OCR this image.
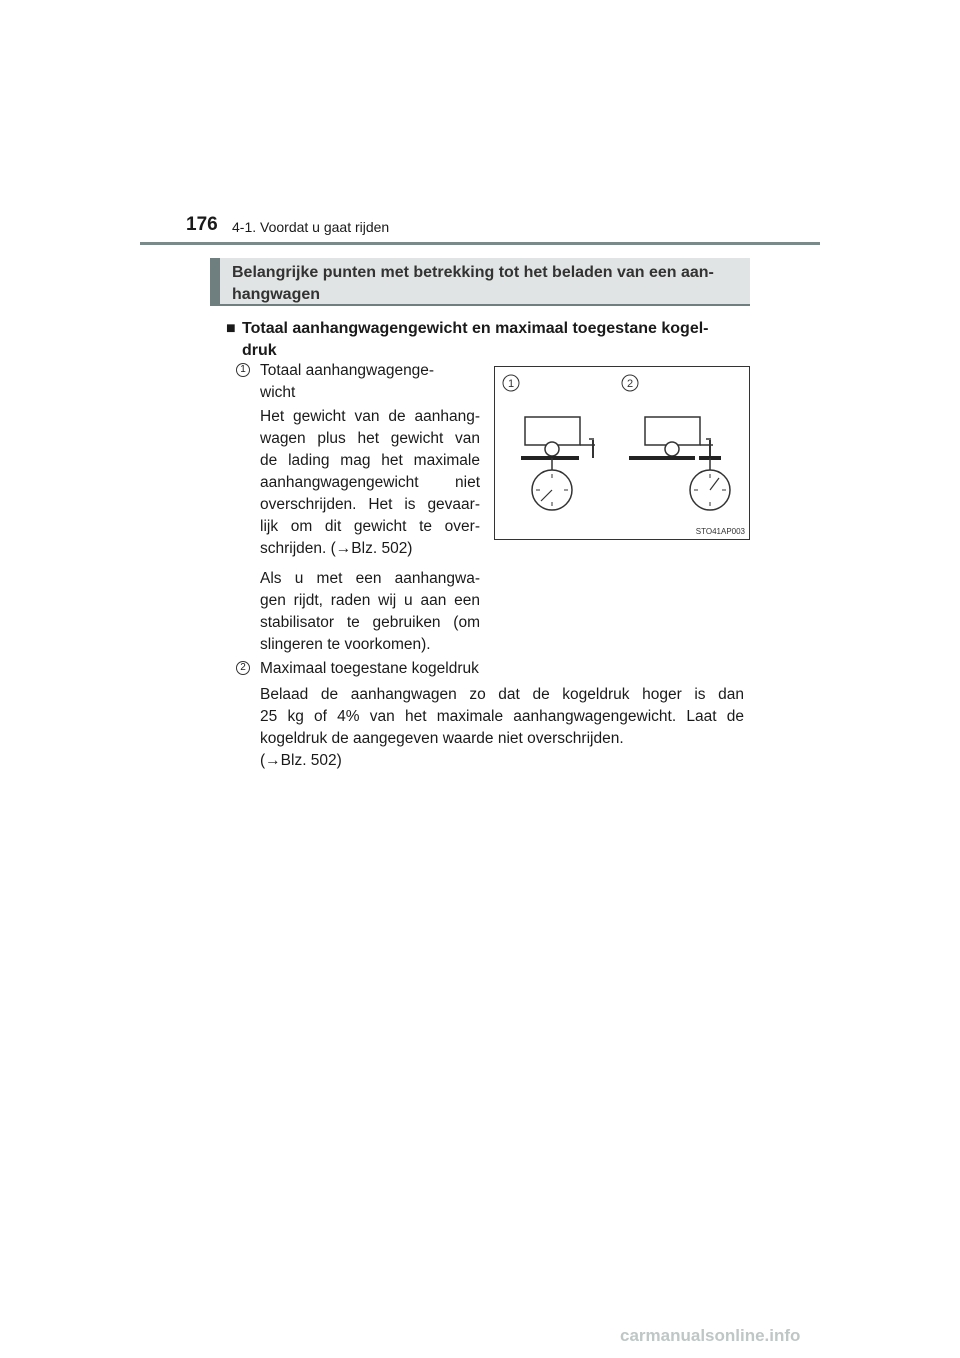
176 4-1. Voordat u gaat rijden
Belangrijke punten met betrekking tot het beladen van een aan-
hangwagen
■ Totaal aanhangwagengewicht en maximaal toegestane kogel-
druk
1 Totaal aanhangwagenge-
wicht
Het gewicht van de aanhang-
wagen plus het gewicht van
de lading mag het maximale
aanhangwagengewicht niet
overschrijden. Het is gevaar-
lijk om dit gewicht te over-
schrijden. (→Blz. 502)
Als u met een aanhangwa-
gen rijdt, raden wij u aan een
stabilisator te gebruiken (om
slingeren te voorkomen).
1	2
STO41AP003
2 Maximaal toegestane kogeldruk
Belaad de aanhangwagen zo dat de kogeldruk hoger is dan
25 kg of 4% van het maximale aanhangwagengewicht. Laat de
kogeldruk de aangegeven waarde niet overschrijden.
(→Blz. 502)
carmanualsonline.info
